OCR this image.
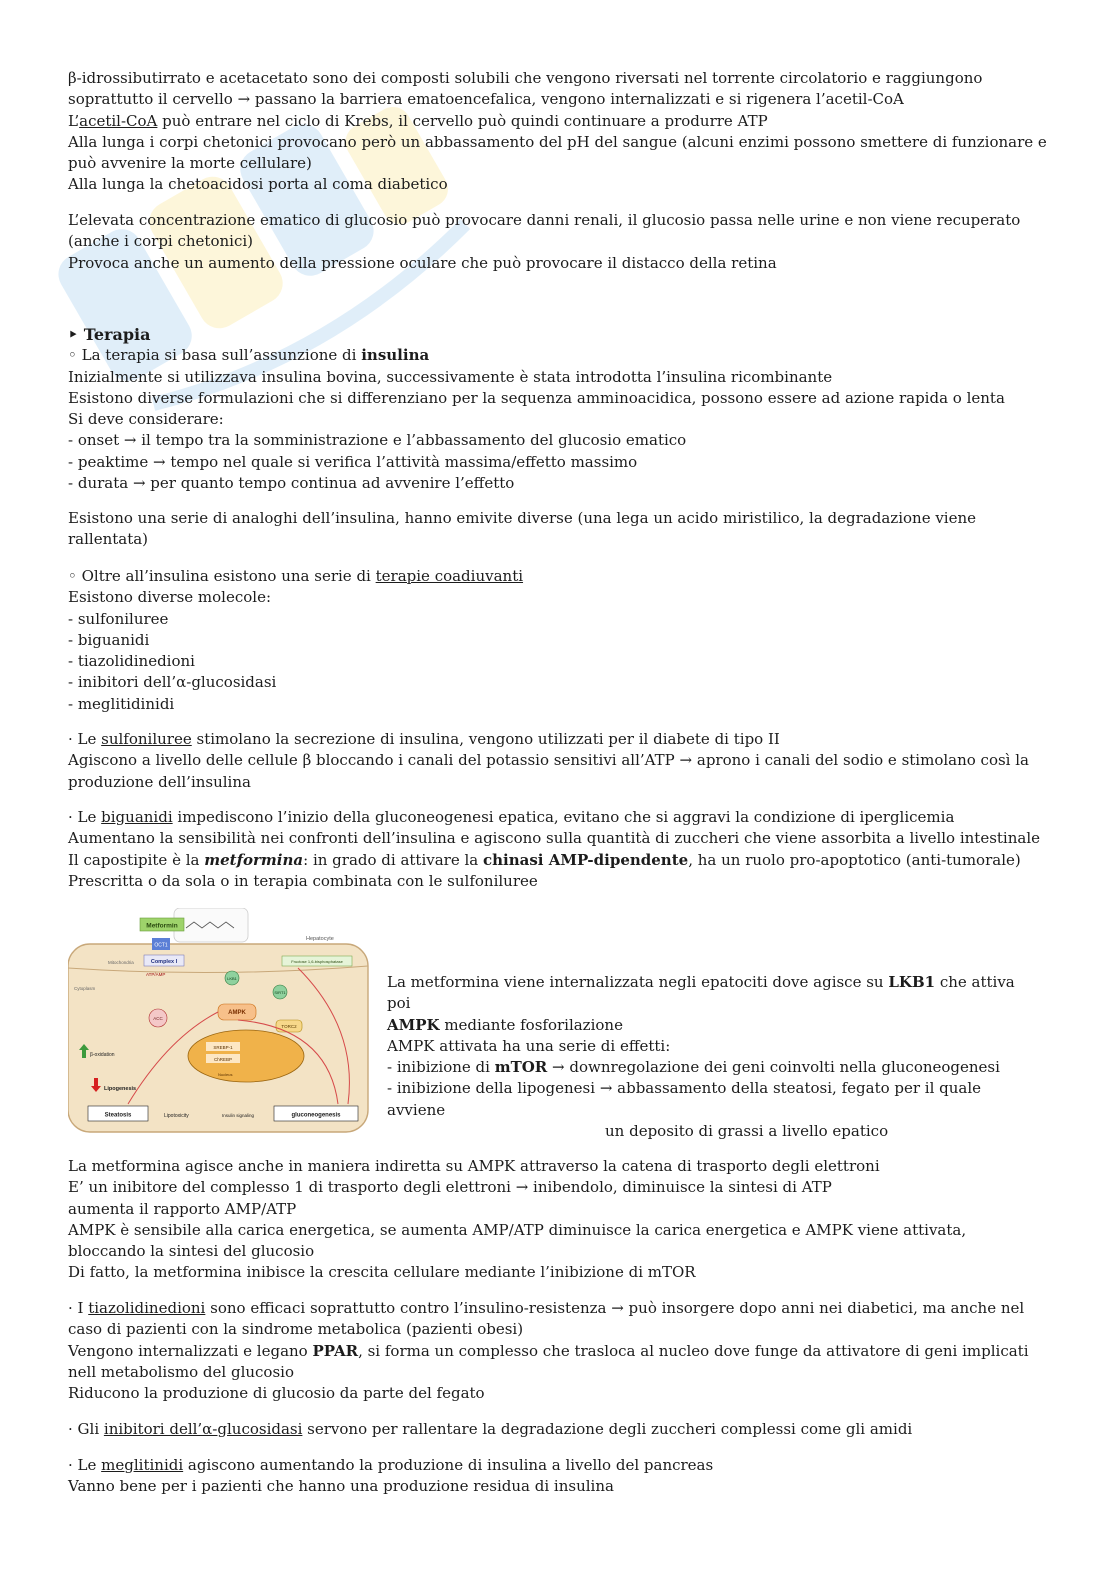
β-idrossibutirrato e acetacetato sono dei composti solubili che vengono riversati nel torrente circolatorio e raggiungono soprattutto il cervello → passano la barriera ematoencefalica, vengono internalizzati e si rigenera l’acetil-CoA

L’acetil-CoA può entrare nel ciclo di Krebs, il cervello può quindi continuare a produrre ATP

Alla lunga i corpi chetonici provocano però un abbassamento del pH del sangue (alcuni enzimi possono smettere di funzionare e può avvenire la morte cellulare)

Alla lunga la chetoacidosi porta al coma diabetico

L’elevata concentrazione ematico di glucosio può provocare danni renali, il glucosio passa nelle urine e non viene recuperato (anche i corpi chetonici)

Provoca anche un aumento della pressione oculare che può provocare il distacco della retina

‣ Terapia

◦ La terapia si basa sull’assunzione di insulina

Inizialmente si utilizzava insulina bovina, successivamente è stata introdotta l’insulina ricombinante

Esistono diverse formulazioni che si differenziano per la sequenza amminoacidica, possono essere ad azione rapida o lenta

Si deve considerare:

- onset → il tempo tra la somministrazione e l’abbassamento del glucosio ematico

- peaktime → tempo nel quale si verifica l’attività massima/effetto massimo

- durata → per quanto tempo continua ad avvenire l’effetto

Esistono una serie di analoghi dell’insulina, hanno emivite diverse (una lega un acido miristilico, la degradazione viene rallentata)

◦ Oltre all’insulina esistono una serie di terapie coadiuvanti

Esistono diverse molecole:

- sulfoniluree

- biguanidi

- tiazolidinedioni

- inibitori dell’α-glucosidasi

- meglitidinidi

· Le sulfoniluree stimolano la secrezione di insulina, vengono utilizzati per il diabete di tipo II

Agiscono a livello delle cellule β bloccando i canali del potassio sensitivi all’ATP → aprono i canali del sodio e stimolano così la produzione dell’insulina

· Le biguanidi impediscono l’inizio della gluconeogenesi epatica, evitano che si aggravi la condizione di iperglicemia

Aumentano la sensibilità nei confronti dell’insulina e agiscono sulla quantità di zuccheri che viene assorbita a livello intestinale

Il capostipite è la metformina: in grado di attivare la chinasi AMP-dipendente, ha un ruolo pro-apoptotico (anti-tumorale)

Prescritta o da sola o in terapia combinata con le sulfoniluree

Metformin
Hepatocyte
OCT1
Mitochondria	Complex I
ATP/AMP
Fructose 1,6-bisphosphatase
Cytoplasm
LKB1
SIRT1
AMPK
ACC
TORC2
SREBP-1
ChREBP
Nucleus
β-oxidation
Lipogenesis
Steatosis	Lipotoxicity	Insulin signaling	gluconeogenesis

La metformina viene internalizzata negli epatociti dove agisce su LKB1 che attiva poi

AMPK mediante fosforilazione

AMPK attivata ha una serie di effetti:

- inibizione di mTOR → downregolazione dei geni coinvolti nella gluconeogenesi

- inibizione della lipogenesi → abbassamento della steatosi, fegato per il quale avviene

un deposito di grassi a livello epatico

La metformina agisce anche in maniera indiretta su AMPK attraverso la catena di trasporto degli elettroni

E’ un inibitore del complesso 1 di trasporto degli elettroni → inibendolo, diminuisce la sintesi di ATP

aumenta il rapporto AMP/ATP

AMPK è sensibile alla carica energetica, se aumenta AMP/ATP diminuisce la carica energetica e AMPK viene attivata, bloccando la sintesi del glucosio

Di fatto, la metformina inibisce la crescita cellulare mediante l’inibizione di mTOR

· I tiazolidinedioni sono efficaci soprattutto contro l’insulino-resistenza → può insorgere dopo anni nei diabetici, ma anche nel caso di pazienti con la sindrome metabolica (pazienti obesi)

Vengono internalizzati e legano PPAR, si forma un complesso che trasloca al nucleo dove funge da attivatore di geni implicati nell metabolismo del glucosio

Riducono la produzione di glucosio da parte del fegato

· Gli inibitori dell’α-glucosidasi servono per rallentare la degradazione degli zuccheri complessi come gli amidi

· Le meglitinidi agiscono aumentando la produzione di insulina a livello del pancreas

Vanno bene per i pazienti che hanno una produzione residua di insulina
